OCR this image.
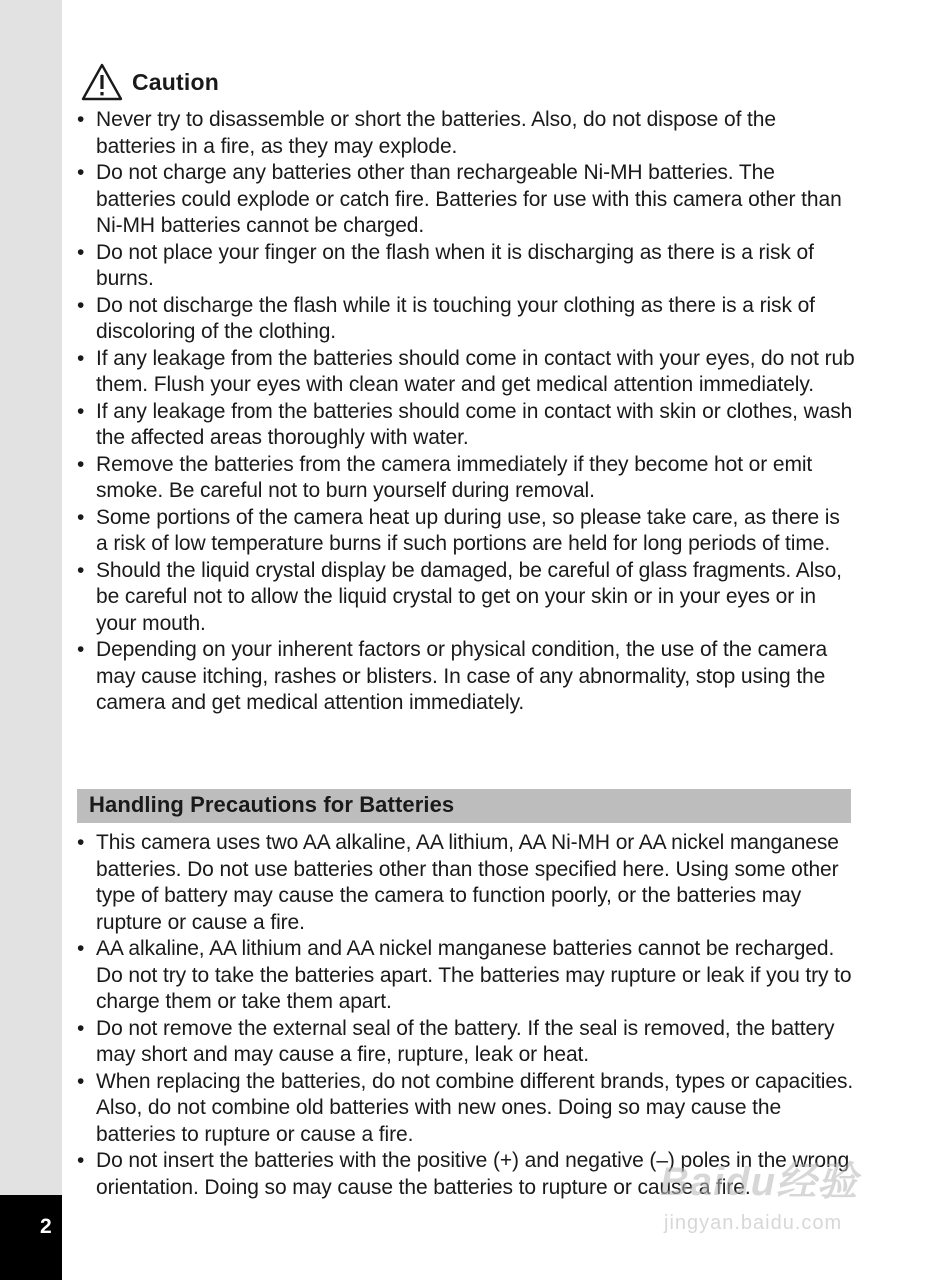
2
Caution
• Never try to disassemble or short the batteries. Also, do not dispose of the batteries in a fire, as they may explode.
• Do not charge any batteries other than rechargeable Ni-MH batteries. The batteries could explode or catch fire. Batteries for use with this camera other than Ni-MH batteries cannot be charged.
• Do not place your finger on the flash when it is discharging as there is a risk of burns.
• Do not discharge the flash while it is touching your clothing as there is a risk of discoloring of the clothing.
• If any leakage from the batteries should come in contact with your eyes, do not rub them. Flush your eyes with clean water and get medical attention immediately.
• If any leakage from the batteries should come in contact with skin or clothes, wash the affected areas thoroughly with water.
• Remove the batteries from the camera immediately if they become hot or emit smoke. Be careful not to burn yourself during removal.
• Some portions of the camera heat up during use, so please take care, as there is a risk of low temperature burns if such portions are held for long periods of time.
• Should the liquid crystal display be damaged, be careful of glass fragments. Also, be careful not to allow the liquid crystal to get on your skin or in your eyes or in your mouth.
• Depending on your inherent factors or physical condition, the use of the camera may cause itching, rashes or blisters. In case of any abnormality, stop using the camera and get medical attention immediately.
Handling Precautions for Batteries
• This camera uses two AA alkaline, AA lithium, AA Ni-MH or AA nickel manganese batteries. Do not use batteries other than those specified here. Using some other type of battery may cause the camera to function poorly, or the batteries may rupture or cause a fire.
• AA alkaline, AA lithium and AA nickel manganese batteries cannot be recharged. Do not try to take the batteries apart. The batteries may rupture or leak if you try to charge them or take them apart.
• Do not remove the external seal of the battery. If the seal is removed, the battery may short and may cause a fire, rupture, leak or heat.
• When replacing the batteries, do not combine different brands, types or capacities. Also, do not combine old batteries with new ones. Doing so may cause the batteries to rupture or cause a fire.
• Do not insert the batteries with the positive (+) and negative (–) poles in the wrong orientation. Doing so may cause the batteries to rupture or cause a fire.
Baidu经验
jingyan.baidu.com
